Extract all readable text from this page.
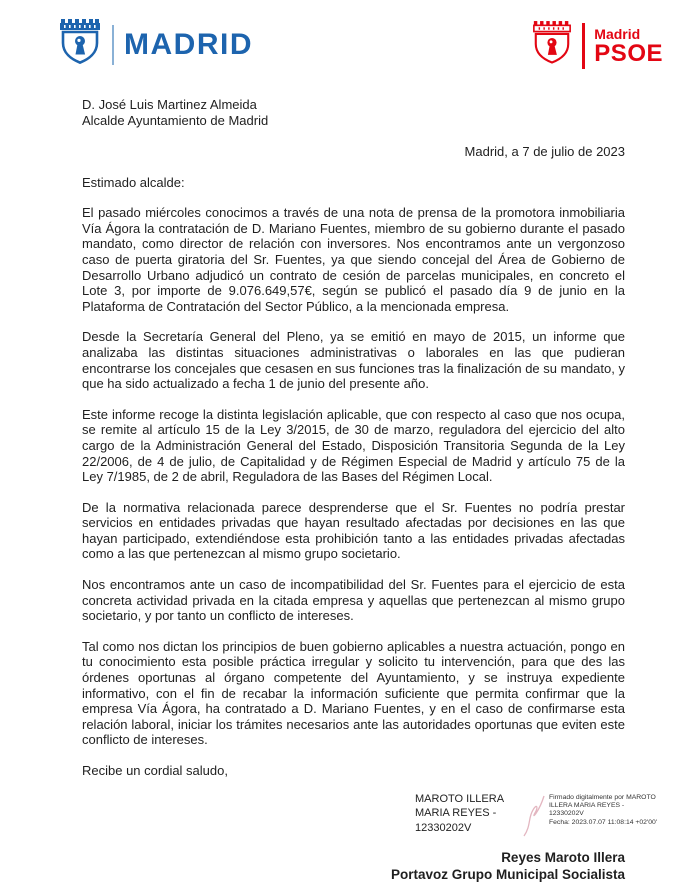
MADRID	Madrid
PSOE
D. José Luis Martinez Almeida
Alcalde Ayuntamiento de Madrid
Madrid, a 7 de julio de 2023
Estimado alcalde:

El pasado miércoles conocimos a través de una nota de prensa de la promotora inmobiliaria Vía Ágora la contratación de D. Mariano Fuentes, miembro de su gobierno durante el pasado mandato, como director de relación con inversores. Nos encontramos ante un vergonzoso caso de puerta giratoria del Sr. Fuentes, ya que siendo concejal del Área de Gobierno de Desarrollo Urbano adjudicó un contrato de cesión de parcelas municipales, en concreto el Lote 3, por importe de 9.076.649,57€, según se publicó el pasado día 9 de junio en la Plataforma de Contratación del Sector Público, a la mencionada empresa.

Desde la Secretaría General del Pleno, ya se emitió en mayo de 2015, un informe que analizaba las distintas situaciones administrativas o laborales en las que pudieran encontrarse los concejales que cesasen en sus funciones tras la finalización de su mandato, y que ha sido actualizado a fecha 1 de junio del presente año.

Este informe recoge la distinta legislación aplicable, que con respecto al caso que nos ocupa, se remite al artículo 15 de la Ley 3/2015, de 30 de marzo, reguladora del ejercicio del alto cargo de la Administración General del Estado, Disposición Transitoria Segunda de la Ley 22/2006, de 4 de julio, de Capitalidad y de Régimen Especial de Madrid y artículo 75 de la Ley 7/1985, de 2 de abril, Reguladora de las Bases del Régimen Local.

De la normativa relacionada parece desprenderse que el Sr. Fuentes no podría prestar servicios en entidades privadas que hayan resultado afectadas por decisiones en las que hayan participado, extendiéndose esta prohibición tanto a las entidades privadas afectadas como a las que pertenezcan al mismo grupo societario.

Nos encontramos ante un caso de incompatibilidad del Sr. Fuentes para el ejercicio de esta concreta actividad privada en la citada empresa y aquellas que pertenezcan al mismo grupo societario, y por tanto un conflicto de intereses.

Tal como nos dictan los principios de buen gobierno aplicables a nuestra actuación, pongo en tu conocimiento esta posible práctica irregular y solicito tu intervención, para que des las órdenes oportunas al órgano competente del Ayuntamiento, y se instruya expediente informativo, con el fin de recabar la información suficiente que permita confirmar que la empresa Vía Ágora, ha contratado a D. Mariano Fuentes, y en el caso de confirmarse esta relación laboral, iniciar los trámites necesarios ante las autoridades oportunas que eviten este conflicto de intereses.

Recibe un cordial saludo,
MAROTO ILLERA MARIA REYES - 12330202V
Firmado digitalmente por MAROTO ILLERA MARIA REYES - 12330202V
Fecha: 2023.07.07 11:08:14 +02'00'
Reyes Maroto Illera
Portavoz Grupo Municipal Socialista
